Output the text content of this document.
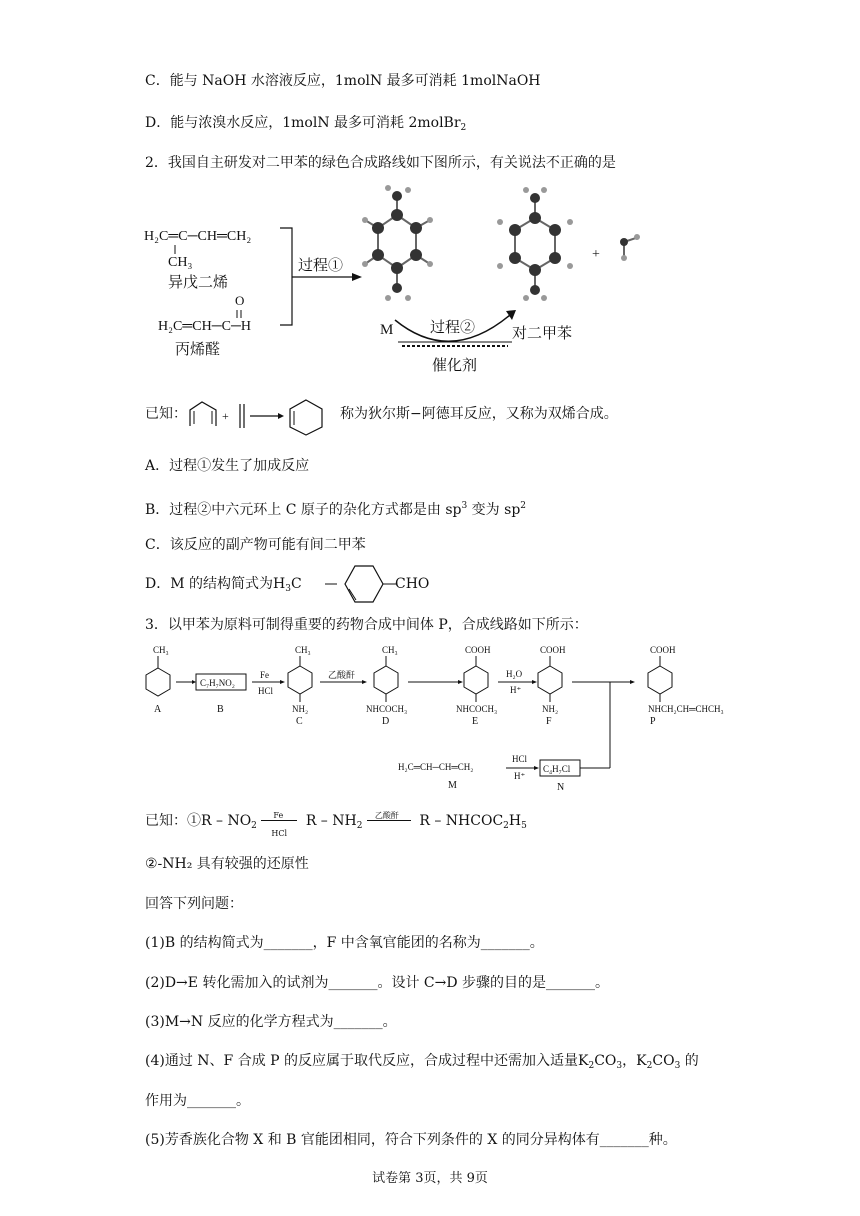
C．能与 NaOH 水溶液反应，1molN 最多可消耗 1molNaOH
D．能与浓溴水反应，1molN 最多可消耗 2molBr$_2$
2．我国自主研发对二甲苯的绿色合成路线如下图所示，有关说法不正确的是
H₂C═C─CH═CH₂
CH₃
异戊二烯
O
H₂C═CH─C─H
丙烯醛
过程①
M 过程② 对二甲苯
催化剂
+
已知：	+	称为狄尔斯−阿德耳反应，又称为双烯合成。
A．过程①发生了加成反应
B．过程②中六元环上 C 原子的杂化方式都是由 $sp^3$ 变为 $sp^2$
C．该反应的副产物可能有间二甲苯
D．M 的结构简式为$H_3C$	CHO
3．以甲苯为原料可制得重要的药物合成中间体 P，合成线路如下所示：
CH₃
A
C₇H₇NO₂
B
Fe
HCl
CH₃
NH₂
C
乙酸酐
CH₃
NHCOCH₃
D
COOH
NHCOCH₃
E
H₂O
H⁺
COOH
NH₂
F
COOH
NHCH₂CH═CHCH₃
P
H₂C═CH─CH═CH₂
M
HCl
H⁺
C₄H₇Cl
N
已知：①R – $NO_2$
Fe
HCl
R – $NH_2$
乙酸酐 R – $NHCOC_2H_5$
②-NH₂ 具有较强的还原性
回答下列问题：
(1)B 的结构简式为_______，F 中含氧官能团的名称为_______。
(2)D→E 转化需加入的试剂为_______。设计 C→D 步骤的目的是_______。
(3)M→N 反应的化学方程式为_______。
(4)通过 N、F 合成 P 的反应属于取代反应，合成过程中还需加入适量$K_2CO_3$，$K_2CO_3$ 的
作用为_______。
(5)芳香族化合物 X 和 B 官能团相同，符合下列条件的 X 的同分异构体有_______种。
试卷第 3页，共 9页
